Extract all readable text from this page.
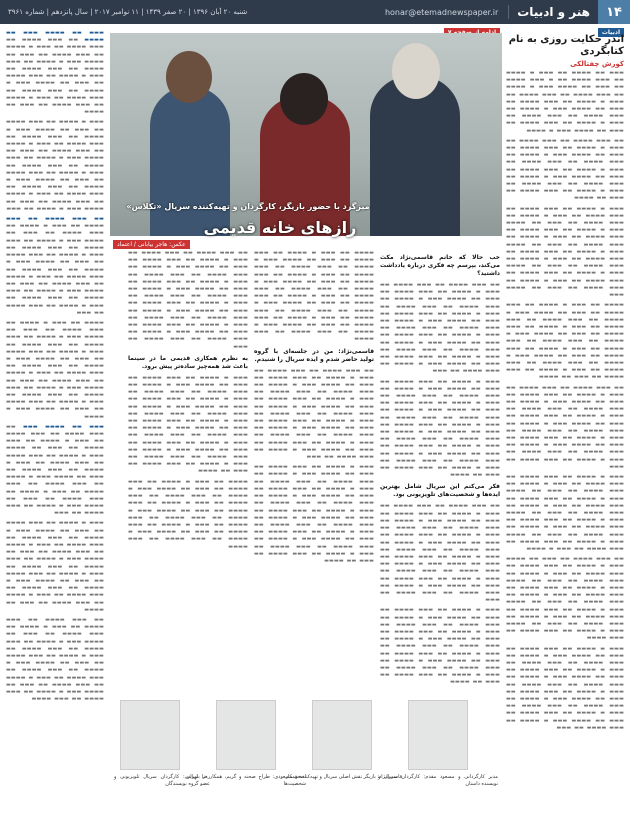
۱۴
هنر و ادبیات
honar@etemadnewspaper.ir
شنبه ۲۰ آبان ۱۳۹۶ | ۲۰ صفر ۱۴۳۹ | ۱۱ نوامبر ۲۰۱۷ | سال پانزدهم | شماره ۳۹۶۱
ادبیات
اندر حکایت روزی به نام کتابگردی
کورش چفتالکی

▬▬▬ ▬▬ ▬▬▬▬ ▬▬ ▬▬▬ ▬ ▬▬▬▬ ▬▬ ▬▬▬ ▬▬▬▬ ▬▬ ▬ ▬▬▬ ▬▬▬▬ ▬▬ ▬▬▬ ▬▬ ▬▬▬▬ ▬▬▬ ▬ ▬▬▬▬ ▬▬ ▬▬▬ ▬▬▬▬ ▬▬ ▬▬▬ ▬▬▬▬ ▬▬ ▬▬▬ ▬ ▬▬▬▬ ▬▬ ▬▬▬ ▬▬▬▬ ▬▬ ▬▬▬ ▬▬ ▬▬▬▬ ▬▬▬ ▬ ▬▬▬▬ ▬▬ ▬▬▬ ▬▬▬▬ ▬▬ ▬▬▬ ▬▬▬▬ ▬▬ ▬▬▬ ▬ ▬▬▬▬ ▬▬ ▬▬▬ ▬▬▬▬ ▬▬ ▬▬▬ ▬▬ ▬▬▬▬ ▬▬▬ ▬ ▬▬▬▬

▬▬ ▬▬▬ ▬▬▬▬ ▬▬ ▬▬▬ ▬▬▬▬ ▬▬ ▬▬▬ ▬ ▬▬▬▬ ▬▬ ▬▬▬ ▬▬▬▬ ▬▬ ▬▬▬ ▬▬ ▬▬▬▬ ▬▬▬ ▬ ▬▬▬▬ ▬▬ ▬▬▬ ▬▬▬▬ ▬▬ ▬▬▬ ▬▬▬▬ ▬▬ ▬▬▬ ▬ ▬▬▬▬ ▬▬ ▬▬▬ ▬▬▬▬ ▬▬ ▬▬▬ ▬▬ ▬▬▬▬ ▬▬▬ ▬ ▬▬▬▬ ▬▬ ▬▬▬ ▬▬▬▬ ▬▬ ▬▬▬ ▬▬▬▬ ▬▬ ▬▬▬ ▬ ▬▬▬▬ ▬▬ ▬▬▬ ▬▬▬▬ ▬▬ ▬▬▬ ▬▬ ▬▬▬▬

▬▬▬ ▬ ▬▬▬▬ ▬▬ ▬▬▬ ▬▬▬▬ ▬▬ ▬▬▬ ▬▬▬▬ ▬▬ ▬▬▬ ▬ ▬▬▬▬ ▬▬ ▬▬▬ ▬▬▬▬ ▬▬ ▬▬▬ ▬▬ ▬▬▬▬ ▬▬▬ ▬ ▬▬▬▬ ▬▬ ▬▬▬ ▬▬▬▬ ▬▬ ▬▬▬ ▬▬▬▬ ▬▬ ▬▬▬ ▬ ▬▬▬▬ ▬▬ ▬▬▬ ▬▬▬▬ ▬▬ ▬▬▬ ▬▬ ▬▬▬▬ ▬▬▬ ▬ ▬▬▬▬ ▬▬ ▬▬▬ ▬▬▬▬ ▬▬ ▬▬▬ ▬▬▬▬ ▬▬ ▬▬▬ ▬ ▬▬▬▬ ▬▬ ▬▬▬ ▬▬▬▬ ▬▬ ▬▬▬ ▬▬ ▬▬▬▬ ▬▬▬ ▬ ▬▬▬▬ ▬▬ ▬▬▬ ▬▬▬▬ ▬▬ ▬▬▬ ▬▬▬▬ ▬▬ ▬▬▬ ▬ ▬▬▬▬ ▬▬ ▬▬▬ ▬▬▬▬ ▬▬ ▬▬▬ ▬▬ ▬▬▬▬ ▬▬▬

▬▬▬▬ ▬▬ ▬▬▬ ▬ ▬▬▬▬ ▬▬ ▬▬▬ ▬▬▬▬ ▬▬ ▬▬▬ ▬▬ ▬▬▬▬ ▬▬▬ ▬ ▬▬▬▬ ▬▬ ▬▬▬ ▬▬▬▬ ▬▬ ▬▬▬ ▬▬▬▬ ▬▬ ▬▬▬ ▬ ▬▬▬▬ ▬▬ ▬▬▬ ▬▬▬▬ ▬▬ ▬▬▬ ▬▬ ▬▬▬▬ ▬▬▬ ▬ ▬▬▬▬ ▬▬ ▬▬▬ ▬▬▬▬ ▬▬ ▬▬▬ ▬▬▬▬ ▬▬ ▬▬▬ ▬ ▬▬▬▬ ▬▬ ▬▬▬ ▬▬▬▬ ▬▬ ▬▬▬ ▬▬ ▬▬▬▬ ▬▬▬ ▬ ▬▬▬▬ ▬▬ ▬▬▬ ▬▬▬▬ ▬▬ ▬▬▬ ▬▬▬▬ ▬▬ ▬▬▬ ▬ ▬▬▬▬ ▬▬ ▬▬▬ ▬▬▬▬ ▬▬ ▬▬▬ ▬▬ ▬▬▬▬

▬▬ ▬▬▬ ▬▬▬▬ ▬▬ ▬▬▬ ▬▬▬▬ ▬▬ ▬▬▬ ▬ ▬▬▬▬ ▬▬ ▬▬▬ ▬▬▬▬ ▬▬ ▬▬▬ ▬▬ ▬▬▬▬ ▬▬▬ ▬ ▬▬▬▬ ▬▬ ▬▬▬ ▬▬▬▬ ▬▬ ▬▬▬ ▬▬▬▬ ▬▬ ▬▬▬ ▬ ▬▬▬▬ ▬▬ ▬▬▬ ▬▬▬▬ ▬▬ ▬▬▬ ▬▬ ▬▬▬▬ ▬▬▬ ▬ ▬▬▬▬ ▬▬ ▬▬▬ ▬▬▬▬ ▬▬ ▬▬▬ ▬▬▬▬ ▬▬ ▬▬▬ ▬ ▬▬▬▬ ▬▬ ▬▬▬ ▬▬▬▬ ▬▬ ▬▬▬ ▬▬ ▬▬▬▬ ▬▬▬ ▬ ▬▬▬▬ ▬▬ ▬▬▬ ▬▬▬▬ ▬▬ ▬▬▬ ▬▬▬▬ ▬▬ ▬▬▬ ▬ ▬▬▬▬ ▬▬ ▬▬▬ ▬▬▬▬ ▬▬ ▬▬▬

▬▬▬ ▬ ▬▬▬▬ ▬▬ ▬▬▬ ▬▬▬▬ ▬▬ ▬▬▬ ▬▬▬▬ ▬▬ ▬▬▬ ▬ ▬▬▬▬ ▬▬ ▬▬▬ ▬▬▬▬ ▬▬ ▬▬▬ ▬▬ ▬▬▬▬ ▬▬▬ ▬ ▬▬▬▬ ▬▬ ▬▬▬ ▬▬▬▬ ▬▬ ▬▬▬ ▬▬▬▬ ▬▬ ▬▬▬ ▬ ▬▬▬▬ ▬▬ ▬▬▬ ▬▬▬▬ ▬▬ ▬▬▬ ▬▬ ▬▬▬▬ ▬▬▬ ▬ ▬▬▬▬ ▬▬ ▬▬▬ ▬▬▬▬ ▬▬ ▬▬▬ ▬▬▬▬ ▬▬ ▬▬▬ ▬ ▬▬▬▬ ▬▬ ▬▬▬ ▬▬▬▬ ▬▬ ▬▬▬ ▬▬ ▬▬▬▬ ▬▬▬ ▬ ▬▬▬▬ ▬▬ ▬▬▬ ▬▬▬▬ ▬▬ ▬▬▬ ▬▬▬▬ ▬▬ ▬▬▬ ▬ ▬▬▬▬

▬▬ ▬▬▬ ▬▬▬▬ ▬▬ ▬▬▬ ▬▬ ▬▬▬▬ ▬▬▬ ▬ ▬▬▬▬ ▬▬ ▬▬▬ ▬▬▬▬ ▬▬ ▬▬▬ ▬▬▬▬ ▬▬ ▬▬▬ ▬ ▬▬▬▬ ▬▬ ▬▬▬ ▬▬▬▬ ▬▬ ▬▬▬ ▬▬ ▬▬▬▬ ▬▬▬ ▬ ▬▬▬▬ ▬▬ ▬▬▬ ▬▬▬▬ ▬▬ ▬▬▬ ▬▬▬▬ ▬▬ ▬▬▬ ▬ ▬▬▬▬ ▬▬ ▬▬▬ ▬▬▬▬ ▬▬ ▬▬▬ ▬▬ ▬▬▬▬ ▬▬▬ ▬ ▬▬▬▬ ▬▬ ▬▬▬ ▬▬▬▬ ▬▬ ▬▬▬ ▬▬▬▬ ▬▬ ▬▬▬ ▬ ▬▬▬▬ ▬▬ ▬▬▬ ▬▬▬▬ ▬▬ ▬▬▬ ▬▬ ▬▬▬▬ ▬▬▬ ▬ ▬▬▬▬ ▬▬ ▬▬▬ ▬▬▬▬ ▬▬ ▬▬▬ ▬▬▬▬

▬▬▬ ▬ ▬▬▬▬ ▬▬ ▬▬▬ ▬▬▬▬ ▬▬ ▬▬▬ ▬▬ ▬▬▬▬ ▬▬▬ ▬ ▬▬▬▬ ▬▬ ▬▬▬ ▬▬▬▬ ▬▬ ▬▬▬ ▬▬▬▬ ▬▬ ▬▬▬ ▬ ▬▬▬▬ ▬▬ ▬▬▬ ▬▬▬▬ ▬▬ ▬▬▬ ▬▬ ▬▬▬▬ ▬▬▬ ▬ ▬▬▬▬ ▬▬ ▬▬▬ ▬▬▬▬ ▬▬ ▬▬▬ ▬▬▬▬ ▬▬ ▬▬▬ ▬ ▬▬▬▬ ▬▬ ▬▬▬ ▬▬▬▬ ▬▬ ▬▬▬ ▬▬ ▬▬▬▬ ▬▬▬ ▬ ▬▬▬▬ ▬▬ ▬▬▬ ▬▬▬▬ ▬▬ ▬▬▬ ▬▬▬▬ ▬▬ ▬▬▬ ▬ ▬▬▬▬ ▬▬ ▬▬▬ ▬▬▬▬ ▬▬ ▬▬▬ ▬▬ ▬▬▬▬ ▬▬▬ ▬ ▬▬▬▬ ▬▬ ▬▬▬ ▬▬▬▬ ▬▬ ▬▬▬

میزگرد با حضور بازیگر، کارگردان و تهیه‌کننده سریال «تکلاس»
رازهای خانه قدیمی
عکس: هاجر بیابانی / اعتماد
خب حالا که خانم قاسمی‌نژاد مکث می‌کند، بپرسم چه فکری درباره یادداشت داشتید؟

▬▬ ▬▬▬ ▬▬▬▬ ▬▬ ▬▬▬ ▬▬▬▬ ▬▬ ▬▬▬ ▬ ▬▬▬▬ ▬▬ ▬▬▬ ▬▬▬▬ ▬▬ ▬▬▬ ▬▬ ▬▬▬▬ ▬▬▬ ▬ ▬▬▬▬ ▬▬ ▬▬▬ ▬▬▬▬ ▬▬ ▬▬▬ ▬▬▬▬ ▬▬ ▬▬▬ ▬ ▬▬▬▬ ▬▬ ▬▬▬ ▬▬▬▬ ▬▬ ▬▬▬ ▬▬ ▬▬▬▬ ▬▬▬ ▬ ▬▬▬▬ ▬▬ ▬▬▬ ▬▬▬▬ ▬▬ ▬▬▬ ▬▬▬▬ ▬▬ ▬▬▬ ▬ ▬▬▬▬ ▬▬ ▬▬▬ ▬▬▬▬ ▬▬ ▬▬▬ ▬▬ ▬▬▬▬ ▬▬▬ ▬ ▬▬▬▬ ▬▬ ▬▬▬ ▬▬▬▬ ▬▬ ▬▬▬ ▬▬▬▬ ▬▬ ▬▬▬ ▬ ▬▬▬▬ ▬▬ ▬▬▬ ▬▬▬▬ ▬▬ ▬▬▬ ▬▬ ▬▬▬▬ ▬▬▬ ▬ ▬▬▬▬ ▬▬ ▬▬▬ ▬▬▬▬ ▬▬ ▬▬▬

▬▬▬ ▬ ▬▬▬▬ ▬▬ ▬▬▬ ▬▬▬▬ ▬▬ ▬▬▬ ▬▬ ▬▬▬▬ ▬▬▬ ▬ ▬▬▬▬ ▬▬ ▬▬▬ ▬▬▬▬ ▬▬ ▬▬▬ ▬▬▬▬ ▬▬ ▬▬▬ ▬ ▬▬▬▬ ▬▬ ▬▬▬ ▬▬▬▬ ▬▬ ▬▬▬ ▬▬ ▬▬▬▬ ▬▬▬ ▬ ▬▬▬▬ ▬▬ ▬▬▬ ▬▬▬▬ ▬▬ ▬▬▬ ▬▬▬▬ ▬▬ ▬▬▬ ▬ ▬▬▬▬ ▬▬ ▬▬▬ ▬▬▬▬ ▬▬ ▬▬▬ ▬▬ ▬▬▬▬ ▬▬▬ ▬ ▬▬▬▬ ▬▬ ▬▬▬ ▬▬▬▬ ▬▬ ▬▬▬ ▬▬▬▬ ▬▬ ▬▬▬ ▬ ▬▬▬▬ ▬▬ ▬▬▬ ▬▬▬▬ ▬▬ ▬▬▬ ▬▬ ▬▬▬▬ ▬▬▬ ▬ ▬▬▬▬ ▬▬ ▬▬▬ ▬▬▬▬ ▬▬ ▬▬▬ ▬▬▬▬ ▬▬ ▬▬▬ ▬ ▬▬▬▬ ▬▬ ▬▬▬ ▬▬▬▬ ▬▬ ▬▬▬ ▬▬ ▬▬▬▬

فکر می‌کنم این سریال شامل بهترین ایده‌ها و شخصیت‌های تلویزیونی بود.

▬▬ ▬▬▬ ▬▬▬▬ ▬▬ ▬▬▬ ▬▬▬▬ ▬▬ ▬▬▬ ▬ ▬▬▬▬ ▬▬ ▬▬▬ ▬▬▬▬ ▬▬ ▬▬▬ ▬▬ ▬▬▬▬ ▬▬▬ ▬ ▬▬▬▬ ▬▬ ▬▬▬ ▬▬▬▬ ▬▬ ▬▬▬ ▬▬▬▬ ▬▬ ▬▬▬ ▬ ▬▬▬▬ ▬▬ ▬▬▬ ▬▬▬▬ ▬▬ ▬▬▬ ▬▬ ▬▬▬▬ ▬▬▬ ▬ ▬▬▬▬ ▬▬ ▬▬▬ ▬▬▬▬ ▬▬ ▬▬▬ ▬▬▬▬ ▬▬ ▬▬▬ ▬ ▬▬▬▬ ▬▬ ▬▬▬ ▬▬▬▬ ▬▬ ▬▬▬ ▬▬ ▬▬▬▬ ▬▬▬ ▬ ▬▬▬▬ ▬▬ ▬▬▬ ▬▬▬▬ ▬▬ ▬▬▬ ▬▬▬▬ ▬▬ ▬▬▬ ▬ ▬▬▬▬ ▬▬ ▬▬▬ ▬▬▬▬ ▬▬ ▬▬▬ ▬▬ ▬▬▬▬ ▬▬▬ ▬ ▬▬▬▬ ▬▬ ▬▬▬ ▬▬▬▬ ▬▬ ▬▬▬ ▬▬▬▬ ▬▬ ▬▬▬

▬▬▬ ▬ ▬▬▬▬ ▬▬ ▬▬▬ ▬▬▬▬ ▬▬ ▬▬▬ ▬▬ ▬▬▬▬ ▬▬▬ ▬ ▬▬▬▬ ▬▬ ▬▬▬ ▬▬▬▬ ▬▬ ▬▬▬ ▬▬▬▬ ▬▬ ▬▬▬ ▬ ▬▬▬▬ ▬▬ ▬▬▬ ▬▬▬▬ ▬▬ ▬▬▬ ▬▬ ▬▬▬▬ ▬▬▬ ▬ ▬▬▬▬ ▬▬ ▬▬▬ ▬▬▬▬ ▬▬ ▬▬▬ ▬▬▬▬ ▬▬ ▬▬▬ ▬ ▬▬▬▬ ▬▬ ▬▬▬ ▬▬▬▬ ▬▬ ▬▬▬ ▬▬ ▬▬▬▬ ▬▬▬ ▬ ▬▬▬▬ ▬▬ ▬▬▬ ▬▬▬▬ ▬▬ ▬▬▬ ▬▬▬▬ ▬▬ ▬▬▬ ▬ ▬▬▬▬ ▬▬ ▬▬▬ ▬▬▬▬ ▬▬ ▬▬▬ ▬▬ ▬▬▬▬

▬▬▬▬ ▬▬ ▬▬▬ ▬ ▬▬▬▬ ▬▬ ▬▬▬ ▬▬▬▬ ▬▬ ▬▬▬ ▬▬ ▬▬▬▬ ▬▬▬ ▬ ▬▬▬▬ ▬▬ ▬▬▬ ▬▬▬▬ ▬▬ ▬▬▬ ▬▬▬▬ ▬▬ ▬▬▬ ▬ ▬▬▬▬ ▬▬ ▬▬▬ ▬▬▬▬ ▬▬ ▬▬▬ ▬▬ ▬▬▬▬ ▬▬▬ ▬ ▬▬▬▬ ▬▬ ▬▬▬ ▬▬▬▬ ▬▬ ▬▬▬ ▬▬▬▬ ▬▬ ▬▬▬ ▬ ▬▬▬▬ ▬▬ ▬▬▬ ▬▬▬▬ ▬▬ ▬▬▬ ▬▬ ▬▬▬▬ ▬▬▬ ▬ ▬▬▬▬ ▬▬ ▬▬▬ ▬▬▬▬ ▬▬ ▬▬▬ ▬▬▬▬ ▬▬ ▬▬▬ ▬ ▬▬▬▬ ▬▬ ▬▬▬ ▬▬▬▬ ▬▬ ▬▬▬ ▬▬ ▬▬▬▬ ▬▬▬ ▬ ▬▬▬▬ ▬▬ ▬▬▬ ▬▬▬▬ ▬▬ ▬▬▬ ▬▬▬▬

قاسمی‌نژاد: من در جلسه‌ای با گروه تولید حاضر شدم و ایده سریال را شنیدم.

▬▬ ▬▬▬ ▬▬▬▬ ▬▬ ▬▬▬ ▬▬▬▬ ▬▬ ▬▬▬ ▬ ▬▬▬▬ ▬▬ ▬▬▬ ▬▬▬▬ ▬▬ ▬▬▬ ▬▬ ▬▬▬▬ ▬▬▬ ▬ ▬▬▬▬ ▬▬ ▬▬▬ ▬▬▬▬ ▬▬ ▬▬▬ ▬▬▬▬ ▬▬ ▬▬▬ ▬ ▬▬▬▬ ▬▬ ▬▬▬ ▬▬▬▬ ▬▬ ▬▬▬ ▬▬ ▬▬▬▬ ▬▬▬ ▬ ▬▬▬▬ ▬▬ ▬▬▬ ▬▬▬▬ ▬▬ ▬▬▬ ▬▬▬▬ ▬▬ ▬▬▬ ▬ ▬▬▬▬ ▬▬ ▬▬▬ ▬▬▬▬ ▬▬ ▬▬▬ ▬▬ ▬▬▬▬ ▬▬▬ ▬ ▬▬▬▬ ▬▬ ▬▬▬ ▬▬▬▬ ▬▬ ▬▬▬ ▬▬▬▬ ▬▬ ▬▬▬ ▬ ▬▬▬▬ ▬▬ ▬▬▬ ▬▬▬▬ ▬▬ ▬▬▬ ▬▬ ▬▬▬▬ ▬▬▬ ▬ ▬▬▬▬ ▬▬ ▬▬▬ ▬▬▬▬ ▬▬ ▬▬▬

▬▬▬ ▬ ▬▬▬▬ ▬▬ ▬▬▬ ▬▬▬▬ ▬▬ ▬▬▬ ▬▬ ▬▬▬▬ ▬▬▬ ▬ ▬▬▬▬ ▬▬ ▬▬▬ ▬▬▬▬ ▬▬ ▬▬▬ ▬▬▬▬ ▬▬ ▬▬▬ ▬ ▬▬▬▬ ▬▬ ▬▬▬ ▬▬▬▬ ▬▬ ▬▬▬ ▬▬ ▬▬▬▬ ▬▬▬ ▬ ▬▬▬▬ ▬▬ ▬▬▬ ▬▬▬▬ ▬▬ ▬▬▬ ▬▬▬▬ ▬▬ ▬▬▬ ▬ ▬▬▬▬ ▬▬ ▬▬▬ ▬▬▬▬ ▬▬ ▬▬▬ ▬▬ ▬▬▬▬ ▬▬▬ ▬ ▬▬▬▬ ▬▬ ▬▬▬ ▬▬▬▬ ▬▬ ▬▬▬ ▬▬▬▬ ▬▬ ▬▬▬ ▬ ▬▬▬▬ ▬▬ ▬▬▬ ▬▬▬▬ ▬▬ ▬▬▬ ▬▬ ▬▬▬▬ ▬▬▬ ▬ ▬▬▬▬ ▬▬ ▬▬▬ ▬▬▬▬ ▬▬ ▬▬▬ ▬▬▬▬ ▬▬ ▬▬▬ ▬ ▬▬▬▬ ▬▬ ▬▬▬ ▬▬▬▬ ▬▬ ▬▬▬ ▬▬ ▬▬▬▬

▬▬ ▬▬▬ ▬▬▬▬ ▬▬ ▬▬▬ ▬▬▬▬ ▬▬ ▬▬▬ ▬ ▬▬▬▬ ▬▬ ▬▬▬ ▬▬▬▬ ▬▬ ▬▬▬ ▬▬ ▬▬▬▬ ▬▬▬ ▬ ▬▬▬▬ ▬▬ ▬▬▬ ▬▬▬▬ ▬▬ ▬▬▬ ▬▬▬▬ ▬▬ ▬▬▬ ▬ ▬▬▬▬ ▬▬ ▬▬▬ ▬▬▬▬ ▬▬ ▬▬▬ ▬▬ ▬▬▬▬ ▬▬▬ ▬ ▬▬▬▬ ▬▬ ▬▬▬ ▬▬▬▬ ▬▬ ▬▬▬ ▬▬▬▬ ▬▬ ▬▬▬ ▬ ▬▬▬▬ ▬▬ ▬▬▬ ▬▬▬▬ ▬▬ ▬▬▬ ▬▬ ▬▬▬▬ ▬▬▬ ▬ ▬▬▬▬ ▬▬ ▬▬▬ ▬▬▬▬ ▬▬ ▬▬▬ ▬▬▬▬ ▬▬ ▬▬▬ ▬ ▬▬▬▬ ▬▬ ▬▬▬ ▬▬▬▬ ▬▬ ▬▬▬ ▬▬ ▬▬▬▬ ▬▬▬ ▬ ▬▬▬▬ ▬▬ ▬▬▬ ▬▬▬▬ ▬▬ ▬▬▬ ▬▬▬▬ ▬▬ ▬▬▬

به نظرم همکاری قدیمی ما در سینما باعث شد همه‌چیز ساده‌تر پیش برود.

▬▬▬ ▬ ▬▬▬▬ ▬▬ ▬▬▬ ▬▬▬▬ ▬▬ ▬▬▬ ▬▬ ▬▬▬▬ ▬▬▬ ▬ ▬▬▬▬ ▬▬ ▬▬▬ ▬▬▬▬ ▬▬ ▬▬▬ ▬▬▬▬ ▬▬ ▬▬▬ ▬ ▬▬▬▬ ▬▬ ▬▬▬ ▬▬▬▬ ▬▬ ▬▬▬ ▬▬ ▬▬▬▬ ▬▬▬ ▬ ▬▬▬▬ ▬▬ ▬▬▬ ▬▬▬▬ ▬▬ ▬▬▬ ▬▬▬▬ ▬▬ ▬▬▬ ▬ ▬▬▬▬ ▬▬ ▬▬▬ ▬▬▬▬ ▬▬ ▬▬▬ ▬▬ ▬▬▬▬ ▬▬▬ ▬ ▬▬▬▬ ▬▬ ▬▬▬ ▬▬▬▬ ▬▬ ▬▬▬ ▬▬▬▬ ▬▬ ▬▬▬ ▬ ▬▬▬▬ ▬▬ ▬▬▬ ▬▬▬▬ ▬▬ ▬▬▬ ▬▬ ▬▬▬▬ ▬▬▬ ▬ ▬▬▬▬ ▬▬ ▬▬▬ ▬▬▬▬ ▬▬ ▬▬▬ ▬▬▬▬ ▬▬ ▬▬▬ ▬ ▬▬▬▬ ▬▬ ▬▬▬ ▬▬▬▬ ▬▬ ▬▬▬ ▬▬ ▬▬▬▬

▬▬▬▬ ▬▬ ▬▬▬ ▬ ▬▬▬▬ ▬▬ ▬▬▬ ▬▬▬▬ ▬▬ ▬▬▬ ▬▬ ▬▬▬▬ ▬▬▬ ▬ ▬▬▬▬ ▬▬ ▬▬▬ ▬▬▬▬ ▬▬ ▬▬▬ ▬▬▬▬ ▬▬ ▬▬▬ ▬ ▬▬▬▬ ▬▬ ▬▬▬ ▬▬▬▬ ▬▬ ▬▬▬ ▬▬ ▬▬▬▬ ▬▬▬ ▬ ▬▬▬▬ ▬▬ ▬▬▬ ▬▬▬▬ ▬▬ ▬▬▬ ▬▬▬▬ ▬▬ ▬▬▬ ▬ ▬▬▬▬ ▬▬ ▬▬▬ ▬▬▬▬ ▬▬ ▬▬▬ ▬▬ ▬▬▬▬ ▬▬▬ ▬ ▬▬▬▬ ▬▬ ▬▬▬ ▬▬▬▬ ▬▬ ▬▬▬ ▬▬▬▬

▬▬▬ ▬▬ ▬▬▬▬ ▬▬▬ ▬▬ ▬▬▬▬ ▬▬ ▬▬▬ ▬▬▬▬ ▬▬ ▬▬▬ ▬▬▬▬ ▬▬ ▬▬▬ ▬ ▬▬▬▬ ▬▬ ▬▬▬ ▬▬▬▬ ▬▬ ▬▬▬ ▬▬ ▬▬▬▬ ▬▬▬ ▬ ▬▬▬▬ ▬▬ ▬▬▬ ▬▬▬▬ ▬▬ ▬▬▬ ▬▬▬▬ ▬▬ ▬▬▬ ▬ ▬▬▬▬ ▬▬ ▬▬▬ ▬▬▬▬ ▬▬ ▬▬▬ ▬▬ ▬▬▬▬ ▬▬▬ ▬ ▬▬▬▬ ▬▬ ▬▬▬ ▬▬▬▬ ▬▬ ▬▬▬ ▬▬▬▬ ▬▬ ▬▬▬ ▬ ▬▬▬▬ ▬▬ ▬▬▬ ▬▬▬▬ ▬▬ ▬▬▬ ▬▬ ▬▬▬▬

▬▬▬ ▬ ▬▬▬▬ ▬▬ ▬▬▬ ▬▬▬▬ ▬▬ ▬▬▬ ▬▬ ▬▬▬▬ ▬▬▬ ▬ ▬▬▬▬ ▬▬ ▬▬▬ ▬▬▬▬ ▬▬ ▬▬▬ ▬▬▬▬ ▬▬ ▬▬▬ ▬ ▬▬▬▬ ▬▬ ▬▬▬ ▬▬▬▬ ▬▬ ▬▬▬ ▬▬ ▬▬▬▬ ▬▬▬ ▬ ▬▬▬▬ ▬▬ ▬▬▬ ▬▬▬▬ ▬▬ ▬▬▬ ▬▬▬▬ ▬▬ ▬▬▬ ▬ ▬▬▬▬ ▬▬ ▬▬▬ ▬▬▬▬ ▬▬ ▬▬▬ ▬▬ ▬▬▬▬ ▬▬▬ ▬ ▬▬▬▬ ▬▬ ▬▬▬ ▬▬▬▬ ▬▬ ▬▬▬ ▬▬▬▬ ▬▬ ▬▬▬ ▬ ▬▬▬▬ ▬▬ ▬▬▬ ▬▬▬▬ ▬▬ ▬▬▬ ▬▬ ▬▬▬▬ ▬▬▬ ▬ ▬▬▬▬ ▬▬ ▬▬▬

▬▬ ▬▬▬ ▬▬▬▬ ▬▬ ▬▬▬ ▬▬▬▬ ▬▬ ▬▬▬ ▬ ▬▬▬▬ ▬▬ ▬▬▬ ▬▬▬▬ ▬▬ ▬▬▬ ▬▬ ▬▬▬▬ ▬▬▬ ▬ ▬▬▬▬ ▬▬ ▬▬▬ ▬▬▬▬ ▬▬ ▬▬▬ ▬▬▬▬ ▬▬ ▬▬▬ ▬ ▬▬▬▬ ▬▬ ▬▬▬ ▬▬▬▬ ▬▬ ▬▬▬ ▬▬ ▬▬▬▬ ▬▬▬ ▬ ▬▬▬▬ ▬▬ ▬▬▬ ▬▬▬▬ ▬▬ ▬▬▬ ▬▬▬▬ ▬▬ ▬▬▬ ▬ ▬▬▬▬ ▬▬ ▬▬▬ ▬▬▬▬ ▬▬ ▬▬▬ ▬▬ ▬▬▬▬ ▬▬▬ ▬ ▬▬▬▬ ▬▬ ▬▬▬ ▬▬▬▬ ▬▬ ▬▬▬ ▬▬▬▬ ▬▬ ▬▬▬ ▬ ▬▬▬▬ ▬▬ ▬▬▬ ▬▬▬▬ ▬▬ ▬▬▬

▬▬▬▬ ▬▬ ▬▬▬ ▬ ▬▬▬▬ ▬▬ ▬▬▬ ▬▬▬▬ ▬▬ ▬▬▬ ▬▬ ▬▬▬▬ ▬▬▬ ▬ ▬▬▬▬ ▬▬ ▬▬▬ ▬▬▬▬ ▬▬ ▬▬▬ ▬▬▬▬ ▬▬ ▬▬▬ ▬ ▬▬▬▬ ▬▬ ▬▬▬ ▬▬▬▬ ▬▬ ▬▬▬ ▬▬ ▬▬▬▬ ▬▬▬ ▬ ▬▬▬▬ ▬▬ ▬▬▬ ▬▬▬▬ ▬▬ ▬▬▬ ▬▬▬▬ ▬▬ ▬▬▬ ▬ ▬▬▬▬ ▬▬ ▬▬▬ ▬▬▬▬ ▬▬ ▬▬▬ ▬▬ ▬▬▬▬ ▬▬▬ ▬ ▬▬▬▬ ▬▬ ▬▬▬ ▬▬▬▬ ▬▬ ▬▬▬ ▬▬▬▬ ▬▬ ▬▬▬ ▬ ▬▬▬▬ ▬▬ ▬▬▬ ▬▬▬▬ ▬▬ ▬▬▬ ▬▬ ▬▬▬▬ ▬▬▬ ▬ ▬▬▬▬

▬▬▬ ▬▬ ▬▬▬▬ ▬▬▬ ▬▬ ▬▬▬ ▬▬▬▬ ▬▬ ▬▬▬ ▬▬▬▬ ▬▬ ▬▬▬ ▬ ▬▬▬▬ ▬▬ ▬▬▬ ▬▬▬▬ ▬▬ ▬▬▬ ▬▬ ▬▬▬▬ ▬▬▬ ▬ ▬▬▬▬ ▬▬ ▬▬▬ ▬▬▬▬ ▬▬ ▬▬▬ ▬▬▬▬ ▬▬ ▬▬▬ ▬ ▬▬▬▬ ▬▬ ▬▬▬ ▬▬▬▬ ▬▬ ▬▬▬ ▬▬ ▬▬▬▬ ▬▬▬ ▬ ▬▬▬▬ ▬▬ ▬▬▬ ▬▬▬▬ ▬▬ ▬▬▬ ▬▬▬▬ ▬▬ ▬▬▬ ▬ ▬▬▬▬ ▬▬ ▬▬▬ ▬▬▬▬ ▬▬ ▬▬▬ ▬▬ ▬▬▬▬ ▬▬▬ ▬ ▬▬▬▬ ▬▬ ▬▬▬ ▬▬▬▬ ▬▬ ▬▬▬

▬▬▬ ▬ ▬▬▬▬ ▬▬ ▬▬▬ ▬▬▬▬ ▬▬ ▬▬▬ ▬▬ ▬▬▬▬ ▬▬▬ ▬ ▬▬▬▬ ▬▬ ▬▬▬ ▬▬▬▬ ▬▬ ▬▬▬ ▬▬▬▬ ▬▬ ▬▬▬ ▬ ▬▬▬▬ ▬▬ ▬▬▬ ▬▬▬▬ ▬▬ ▬▬▬ ▬▬ ▬▬▬▬ ▬▬▬ ▬ ▬▬▬▬ ▬▬ ▬▬▬ ▬▬▬▬ ▬▬ ▬▬▬ ▬▬▬▬ ▬▬ ▬▬▬ ▬ ▬▬▬▬ ▬▬ ▬▬▬ ▬▬▬▬ ▬▬ ▬▬▬ ▬▬ ▬▬▬▬ ▬▬▬ ▬ ▬▬▬▬ ▬▬ ▬▬▬ ▬▬▬▬ ▬▬ ▬▬▬ ▬▬▬▬ ▬▬ ▬▬▬ ▬ ▬▬▬▬ ▬▬ ▬▬▬ ▬▬▬▬ ▬▬ ▬▬▬ ▬▬ ▬▬▬▬

▬▬ ▬▬▬ ▬▬▬▬ ▬▬ ▬▬▬ ▬▬▬▬ ▬▬ ▬▬▬ ▬ ▬▬▬▬ ▬▬ ▬▬▬ ▬▬▬▬ ▬▬ ▬▬▬ ▬▬ ▬▬▬▬ ▬▬▬ ▬ ▬▬▬▬ ▬▬ ▬▬▬ ▬▬▬▬ ▬▬ ▬▬▬ ▬▬▬▬ ▬▬ ▬▬▬ ▬ ▬▬▬▬ ▬▬ ▬▬▬ ▬▬▬▬ ▬▬ ▬▬▬ ▬▬ ▬▬▬▬ ▬▬▬ ▬ ▬▬▬▬ ▬▬ ▬▬▬ ▬▬▬▬ ▬▬ ▬▬▬ ▬▬▬▬ ▬▬ ▬▬▬ ▬ ▬▬▬▬ ▬▬ ▬▬▬ ▬▬▬▬ ▬▬ ▬▬▬ ▬▬ ▬▬▬▬ ▬▬▬ ▬ ▬▬▬▬ ▬▬ ▬▬▬ ▬▬▬▬ ▬▬ ▬▬▬ ▬▬▬▬

مدیر کارگردانی و مسعود مقدم: کارگردان سریال و نویسنده داستان
قاسمی‌نژاد: بازیگر نقش اصلی سریال و تهیه‌کننده همکار
اصغر مسعودی: طراح صحنه و گریم، همکار در بازیابی شخصیت‌ها
رضا تهرانی: کارگردان سریال تلویزیونی و عضو گروه نویسندگان
